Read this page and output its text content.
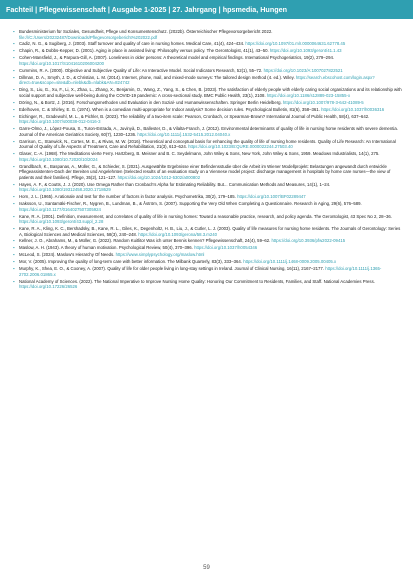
Fachteil | Pflegewissenschaft | Ausgabe 1-2025 | 27. Jahrgang | hpsmedia, Hungen
▪ Bundesministerium für Soziales, Gesundheit, Pflege und Konsumentenschutz. (2022b). Österreichischer Pflegevorsorgebericht 2022. file:///C:/Users/20232487/Downloads/Pflegevorsorgebericht%202022.pdf
▪ Cadiz, N. G., & Sugiberg, J. (2003). Staff turnover and quality of care in nursing homes. Medical Care, 41(4), 424–434. https://doi.org/10.1097/01.mlr.0000064631.62778.45
▪ Chapin, R., & Dobbs-Kepper, D. (2001). Aging in place in assisted living: Philosophy versus policy. The Gerontologist, 41(1), 43–50. https://doi.org/10.1093/geront/41.1.43
▪ Cohen-Mansfield, J., & Parpura-Gill, A. (2007). Loneliness in older persons: A theoretical model and empirical findings. International Psychogeriatrics, 19(2), 279–294. https://doi.org/10.1017/S1041610206004200
▪ Cummins, R. A. (2000). Objective and Subjective Quality of Life: An Interactive Model. Social Indicators Research, 52(1), 55–72. https://doi.org/10.1023/A:1007027822521
▪ Dillman, D. A., Smyth, J. D., & Christian, L. M. (2014). Internet, phone, mail, and mixed-mode surveys: The tailored design method (4. ed.). Wiley. https://search.ebscohost.com/login.aspx?direct=true&scope=site&db=nlebk&db=nlabk&AN=824742
▪ Ding, S., Liu, G., Xu, F., Li, X., Zhao, L., Zhang, X., Benjamin, O., Wang, Z., Yang, S., & Chen, B. (2023). The satisfaction of elderly people with elderly caring social organizations and its relationship with social support and subjective well-being during the COVID-19 pandemic: A cross-sectional study. BMC Public Health, 23(1), 2108. https://doi.org/10.1186/s12889-023-15855-x
▪ Döring, N., & Bortz, J. (2016). Forschungsmethoden und Evaluation in den Sozial- und Humanwissenschaften. Springer Berlin Heidelberg. https://doi.org/10.1007/978-3-642-41089-5
▪ Edelhoven, C. & Shirley, E. G. (1974). When is a comedian multi-appropriate for Indoor analysis? Some decision rules. Psychological Bulletin, 81(6), 358–361. https://doi.org/10.1037/h0036316
▪ Eichinger, R., Gradewohl, M. L., & Pichler, B. (2023). The reliability of a two-item scale: Pearson, Cronbach, or Spearman-Brown? International Journal of Public Health, 58(4), 637–642. https://doi.org/10.1007/s00038-012-0416-3
▪ Garre-Olmo, J., López-Pousa, S., Turon-Estrada, A., Juvinyà, D., Ballester, D., & Vilalta-Franch, J. (2012). Environmental determinants of quality of life in nursing home residents with severe dementia. Journal of the American Geriatrics Society, 60(7), 1230–1236. https://doi.org/10.1111/j.1532-5415.2012.04040.x
▪ Garrison, C., Stanwick, N., Cortes, M. E., & Rivas, M. W. (2016). Theoretical and conceptual basis for enhancing the quality of life of nursing home residents. Quality of Life Research: An International Journal of Quality of Life Aspects of Treatment, Care and Rehabilitation, 21(3), 613–624. https://doi.org/10.1023/B:QURE.0000022244.27503.40
▪ Glaser, C.-A. (1968). The Meditations vierte Ferry. Hartzberg, B. Meisner and B. C. Seydelmann, John Wiley & Sons, New York, John Wiley & Sons, 1959. Meadows Industrialists, 14(1), 275. https://doi.org/10.1080/10.72020/10/2024
▪ Grandlbach, K., Baspanas, A., Müller, G., & Schieder, S. (2021). Ausgewählte Ergebnisse einer Befindensstudie über die Arbeit im Wiener Modellprojekt: Belastungen angewandt durch entwickle Pflegeassistenten-Dach der Bereiten und Angelehnten (Selected results of an evaluation study on a Viennese model project: discharge management in hospitals by home care nurses—the view of patients and their families). Pflege, 35(2), 121–127. https://doi.org/10.1024/1012-5302/a000802
▪ Hayes, A. F., & Coutts, J. J. (2020). Use Omega Rather than Cronbach's Alpha for Estimating Reliability. But... Communication Methods and Measures, 14(1), 1–24. https://doi.org/10.1080/19312458.2020.1718629
▪ Horn, J. L. (1965). A rationale and test for the number of factors in factor analysis. Psychometrika, 30(2), 179–185. https://doi.org/10.1007/BF02289447
▪ Isaksson, U., Santamäki-Fischer, R., Nygren, B., Lundman, B., & Åström, S. (2007). Supporting the Very Old When Completing a Questionnaire. Research in Aging, 29(6), 576–589. https://doi.org/10.1177/0164027507305924
▪ Kane, R. A. (2001). Definition, measurement, and correlates of quality of life in nursing homes: Toward a reasonable practice, research, and policy agenda. The Gerontologist, 43 Spec No 2, 28–36. https://doi.org/10.1093/geront/43.suppl_2.28
▪ Kane, R. A., Kling, K. C., Bershadsky, B., Kane, R. L., Giles, K., Degenholtz, H. B., Liu, J., & Cutler, L. J. (2003). Quality of life measures for nursing home residents. The Journals of Gerontology: Series A, Biological Sciences and Medical Sciences, 58(3), 240–248. https://doi.org/10.1093/gerona/58.3.m240
▪ Kellner, J. O., Abrahams, M., & Müller, G. (2022). Random Kuitlitor Was ich unter Bennis kennen? Pflegewissenschaft, 24(4), 59–62. https://doi.org/10.3936/pfw2022-09415
▪ Maslow, A. H. (1943). A theory of human motivation. Psychological Review, 50(4), 370–396. https://doi.org/10.1037/h0054346
▪ McLeod, S. (2024). Maslow's Hierarchy Of Needs. https://www.simplypsychology.org/maslow.html
▪ Mor, V. (2005). Improving the quality of long-term care with better information. The Milbank Quarterly, 83(3), 333–364. https://doi.org/10.1111/j.1468-0009.2005.00405.x
▪ Murphy, K., Shea, E. O., & Cooney, A. (2007). Quality of life for older people living in long-stay settings in Ireland. Journal of Clinical Nursing, 16(11), 2167–2177. https://doi.org/10.1111/j.1365-2702.2006.01865.x
▪ National Academy of Sciences. (2022). The National Imperative to Improve Nursing Home Quality: Honoring Our Commitment to Residents, Families, and Staff. National Academies Press. https://doi.org/10.17226/26526
59
